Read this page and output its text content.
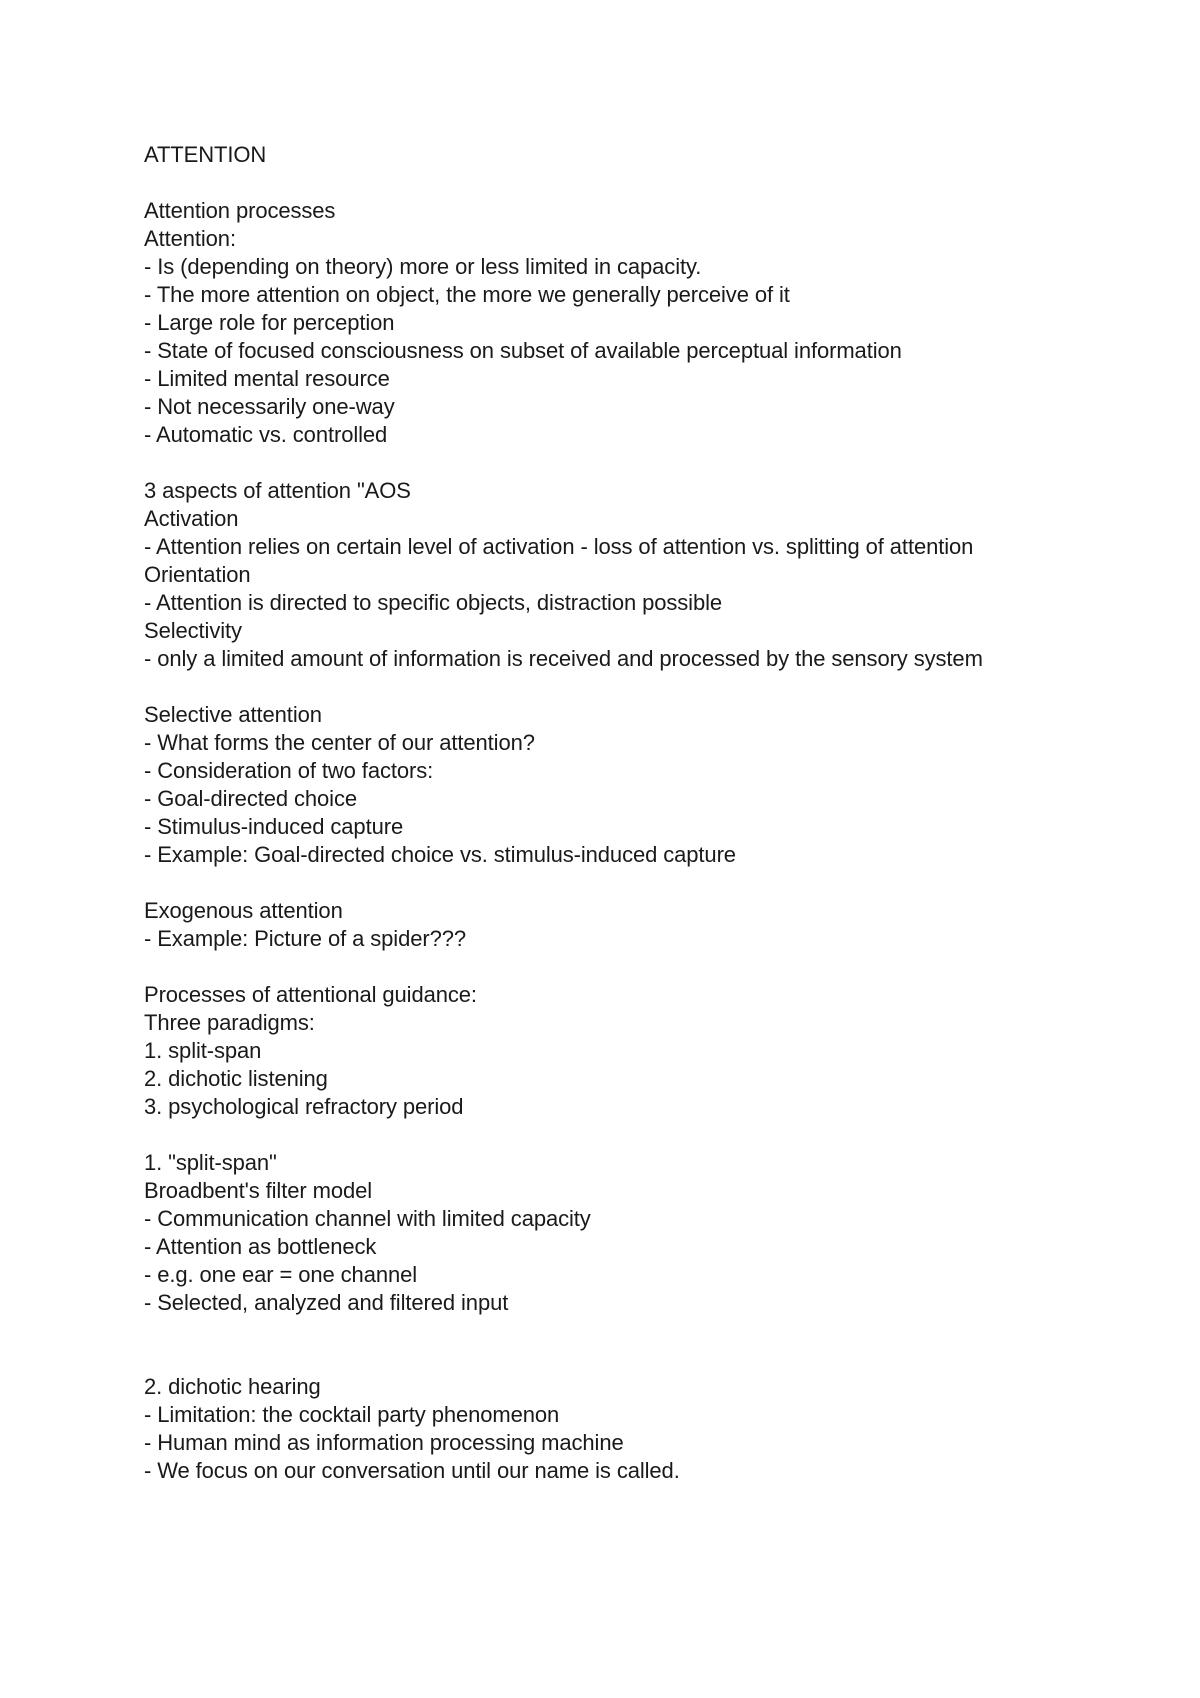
ATTENTION
Attention processes
Attention:
- Is (depending on theory) more or less limited in capacity.
- The more attention on object, the more we generally perceive of it
- Large role for perception
- State of focused consciousness on subset of available perceptual information
- Limited mental resource
- Not necessarily one-way
- Automatic vs. controlled
3 aspects of attention "AOS
Activation
- Attention relies on certain level of activation - loss of attention vs. splitting of attention
Orientation
- Attention is directed to specific objects, distraction possible
Selectivity
- only a limited amount of information is received and processed by the sensory system
Selective attention
- What forms the center of our attention?
- Consideration of two factors:
- Goal-directed choice
- Stimulus-induced capture
- Example: Goal-directed choice vs. stimulus-induced capture
Exogenous attention
- Example: Picture of a spider???
Processes of attentional guidance:
Three paradigms:
1. split-span
2. dichotic listening
3. psychological refractory period
1. "split-span"
Broadbent's filter model
- Communication channel with limited capacity
- Attention as bottleneck
- e.g. one ear = one channel
- Selected, analyzed and filtered input
2. dichotic hearing
- Limitation: the cocktail party phenomenon
- Human mind as information processing machine
- We focus on our conversation until our name is called.
